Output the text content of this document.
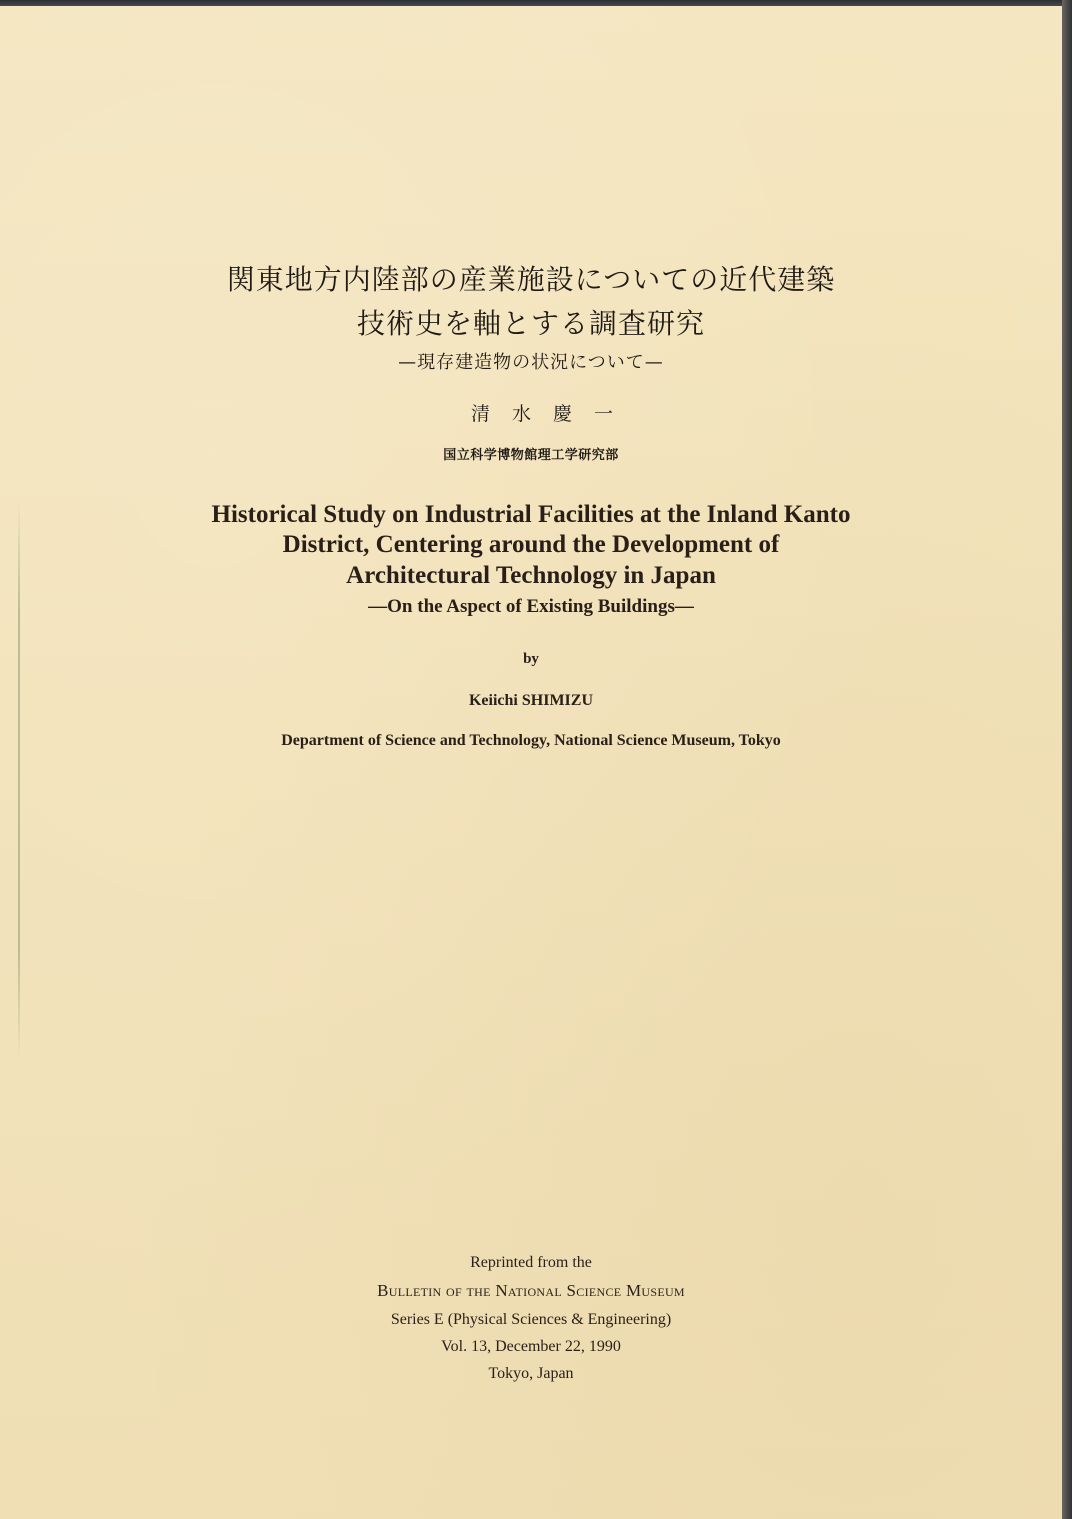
関東地方内陸部の産業施設についての近代建築
技術史を軸とする調査研究
—現存建造物の状況について—
清水慶一
国立科学博物館理工学研究部
Historical Study on Industrial Facilities at the Inland Kanto
District, Centering around the Development of
Architectural Technology in Japan
—On the Aspect of Existing Buildings—
by
Keiichi SHIMIZU
Department of Science and Technology, National Science Museum, Tokyo
Reprinted from the
Bulletin of the National Science Museum
Series E (Physical Sciences & Engineering)
Vol. 13, December 22, 1990
Tokyo, Japan
